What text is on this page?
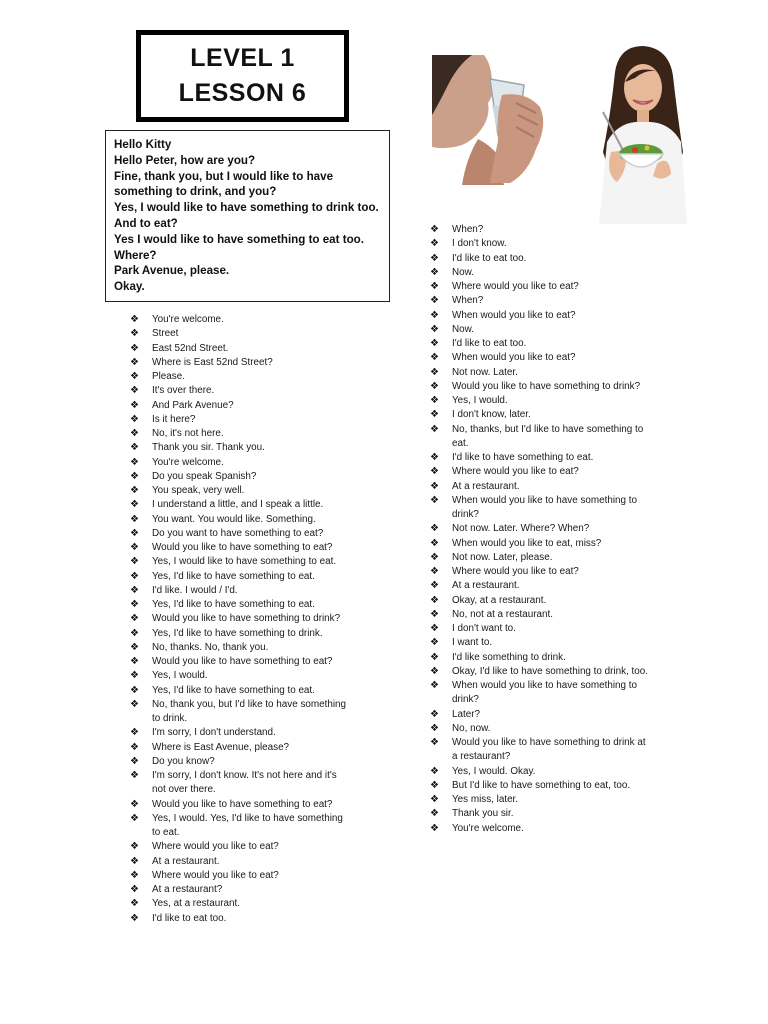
LEVEL 1
LESSON 6
Hello Kitty
Hello Peter, how are you?
Fine, thank you, but I would like to have
something to drink, and you?
Yes, I would like to have something to drink too.
And to eat?
Yes I would like to have something to eat too.
Where?
Park Avenue, please.
Okay.
❖ You're welcome.
❖ Street
❖ East 52nd Street.
❖ Where is East 52nd Street?
❖ Please.
❖ It's over there.
❖ And Park Avenue?
❖ Is it here?
❖ No, it's not here.
❖ Thank you sir. Thank you.
❖ You're welcome.
❖ Do you speak Spanish?
❖ You speak, very well.
❖ I understand a little, and I speak a little.
❖ You want. You would like. Something.
❖ Do you want to have something to eat?
❖ Would you like to have something to eat?
❖ Yes, I would like to have something to eat.
❖ Yes, I'd like to have something to eat.
❖ I'd like. I would / I'd.
❖ Yes, I'd like to have something to eat.
❖ Would you like to have something to drink?
❖ Yes, I'd like to have something to drink.
❖ No, thanks. No, thank you.
❖ Would you like to have something to eat?
❖ Yes, I would.
❖ Yes, I'd like to have something to eat.
❖ No, thank you, but I'd like to have something
to drink.
❖ I'm sorry, I don't understand.
❖ Where is East Avenue, please?
❖ Do you know?
❖ I'm sorry, I don't know. It's not here and it's
not over there.
❖ Would you like to have something to eat?
❖ Yes, I would. Yes, I'd like to have something
to eat.
❖ Where would you like to eat?
❖ At a restaurant.
❖ Where would you like to eat?
❖ At a restaurant?
❖ Yes, at a restaurant.
❖ I'd like to eat too.
❖ When?
❖ I don't know.
❖ I'd like to eat too.
❖ Now.
❖ Where would you like to eat?
❖ When?
❖ When would you like to eat?
❖ Now.
❖ I'd like to eat too.
❖ When would you like to eat?
❖ Not now. Later.
❖ Would you like to have something to drink?
❖ Yes, I would.
❖ I don't know, later.
❖ No, thanks, but I'd like to have something to
eat.
❖ I'd like to have something to eat.
❖ Where would you like to eat?
❖ At a restaurant.
❖ When would you like to have something to
drink?
❖ Not now. Later. Where? When?
❖ When would you like to eat, miss?
❖ Not now. Later, please.
❖ Where would you like to eat?
❖ At a restaurant.
❖ Okay, at a restaurant.
❖ No, not at a restaurant.
❖ I don't want to.
❖ I want to.
❖ I'd like something to drink.
❖ Okay, I'd like to have something to drink, too.
❖ When would you like to have something to
drink?
❖ Later?
❖ No, now.
❖ Would you like to have something to drink at
a restaurant?
❖ Yes, I would. Okay.
❖ But I'd like to have something to eat, too.
❖ Yes miss, later.
❖ Thank you sir.
❖ You're welcome.
